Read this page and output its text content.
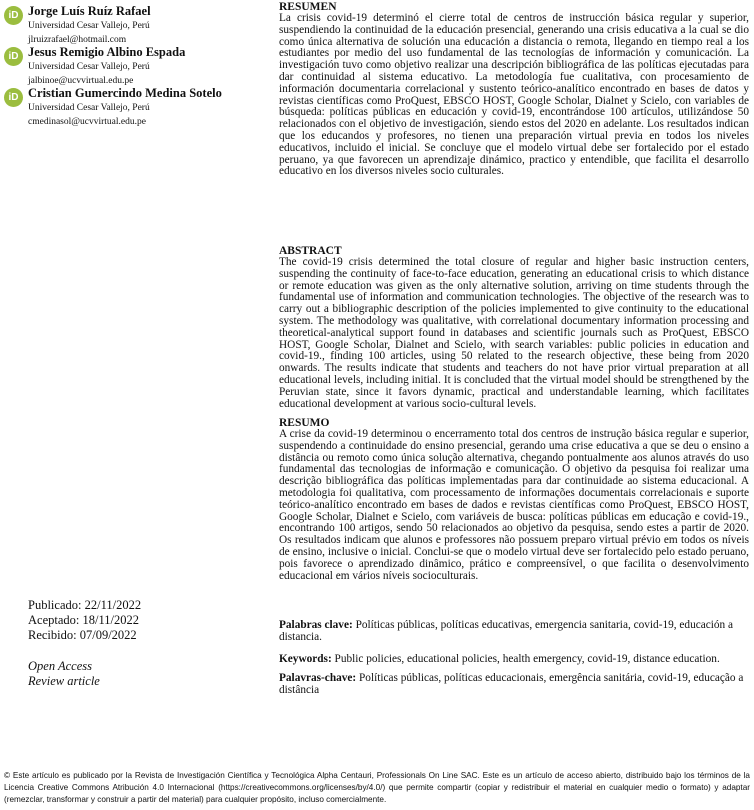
iD Jorge Luís Ruíz Rafael
Universidad Cesar Vallejo, Perú
jlruizrafael@hotmail.com
iD Jesus Remigio Albino Espada
Universidad Cesar Vallejo, Perú
jalbinoe@ucvvirtual.edu.pe
iD Cristian Gumercindo Medina Sotelo
Universidad Cesar Vallejo, Perú
cmedinasol@ucvvirtual.edu.pe
Publicado: 22/11/2022
Aceptado: 18/11/2022
Recibido: 07/09/2022
Open Access
Review article
RESUMEN

La crisis covid-19 determinó el cierre total de centros de instrucción básica regular y superior, suspendiendo la continuidad de la educación presencial, generando una crisis educativa a la cual se dio como única alternativa de solución una educación a distancia o remota, llegando en tiempo real a los estudiantes por medio del uso fundamental de las tecnologías de información y comunicación. La investigación tuvo como objetivo realizar una descripción bibliográfica de las políticas ejecutadas para dar continuidad al sistema educativo. La metodología fue cualitativa, con procesamiento de información documentaria correlacional y sustento teórico-analítico encontrado en bases de datos y revistas científicas como ProQuest, EBSCO HOST, Google Scholar, Dialnet y Scielo, con variables de búsqueda: políticas públicas en educación y covid-19, encontrándose 100 artículos, utilizándose 50 relacionados con el objetivo de investigación, siendo estos del 2020 en adelante. Los resultados indican que los educandos y profesores, no tienen una preparación virtual previa en todos los niveles educativos, incluido el inicial. Se concluye que el modelo virtual debe ser fortalecido por el estado peruano, ya que favorecen un aprendizaje dinámico, practico y entendible, que facilita el desarrollo educativo en los diversos niveles socio culturales.

ABSTRACT

The covid-19 crisis determined the total closure of regular and higher basic instruction centers, suspending the continuity of face-to-face education, generating an educational crisis to which distance or remote education was given as the only alternative solution, arriving on time students through the fundamental use of information and communication technologies. The objective of the research was to carry out a bibliographic description of the policies implemented to give continuity to the educational system. The methodology was qualitative, with correlational documentary information processing and theoretical-analytical support found in databases and scientific journals such as ProQuest, EBSCO HOST, Google Scholar, Dialnet and Scielo, with search variables: public policies in education and covid-19., finding 100 articles, using 50 related to the research objective, these being from 2020 onwards. The results indicate that students and teachers do not have prior virtual preparation at all educational levels, including initial. It is concluded that the virtual model should be strengthened by the Peruvian state, since it favors dynamic, practical and understandable learning, which facilitates educational development at various socio-cultural levels.

RESUMO

A crise da covid-19 determinou o encerramento total dos centros de instrução básica regular e superior, suspendendo a continuidade do ensino presencial, gerando uma crise educativa a que se deu o ensino a distância ou remoto como única solução alternativa, chegando pontualmente aos alunos através do uso fundamental das tecnologias de informação e comunicação. O objetivo da pesquisa foi realizar uma descrição bibliográfica das políticas implementadas para dar continuidade ao sistema educacional. A metodologia foi qualitativa, com processamento de informações documentais correlacionais e suporte teórico-analítico encontrado em bases de dados e revistas científicas como ProQuest, EBSCO HOST, Google Scholar, Dialnet e Scielo, com variáveis de busca: políticas públicas em educação e covid-19., encontrando 100 artigos, sendo 50 relacionados ao objetivo da pesquisa, sendo estes a partir de 2020. Os resultados indicam que alunos e professores não possuem preparo virtual prévio em todos os níveis de ensino, inclusive o inicial. Conclui-se que o modelo virtual deve ser fortalecido pelo estado peruano, pois favorece o aprendizado dinâmico, prático e compreensível, o que facilita o desenvolvimento educacional em vários níveis socioculturais.

Palabras clave: Políticas públicas, políticas educativas, emergencia sanitaria, covid-19, educación a distancia.
Keywords: Public policies, educational policies, health emergency, covid-19, distance education.
Palavras-chave: Políticas públicas, políticas educacionais, emergência sanitária, covid-19, educação a distância
© Este artículo es publicado por la Revista de Investigación Científica y Tecnológica Alpha Centauri, Professionals On Line SAC. Este es un artículo de acceso abierto, distribuido bajo los términos de la Licencia Creative Commons Atribución 4.0 Internacional (https://creativecommons.org/licenses/by/4.0/) que permite compartir (copiar y redistribuir el material en cualquier medio o formato) y adaptar (remezclar, transformar y construir a partir del material) para cualquier propósito, incluso comercialmente.
